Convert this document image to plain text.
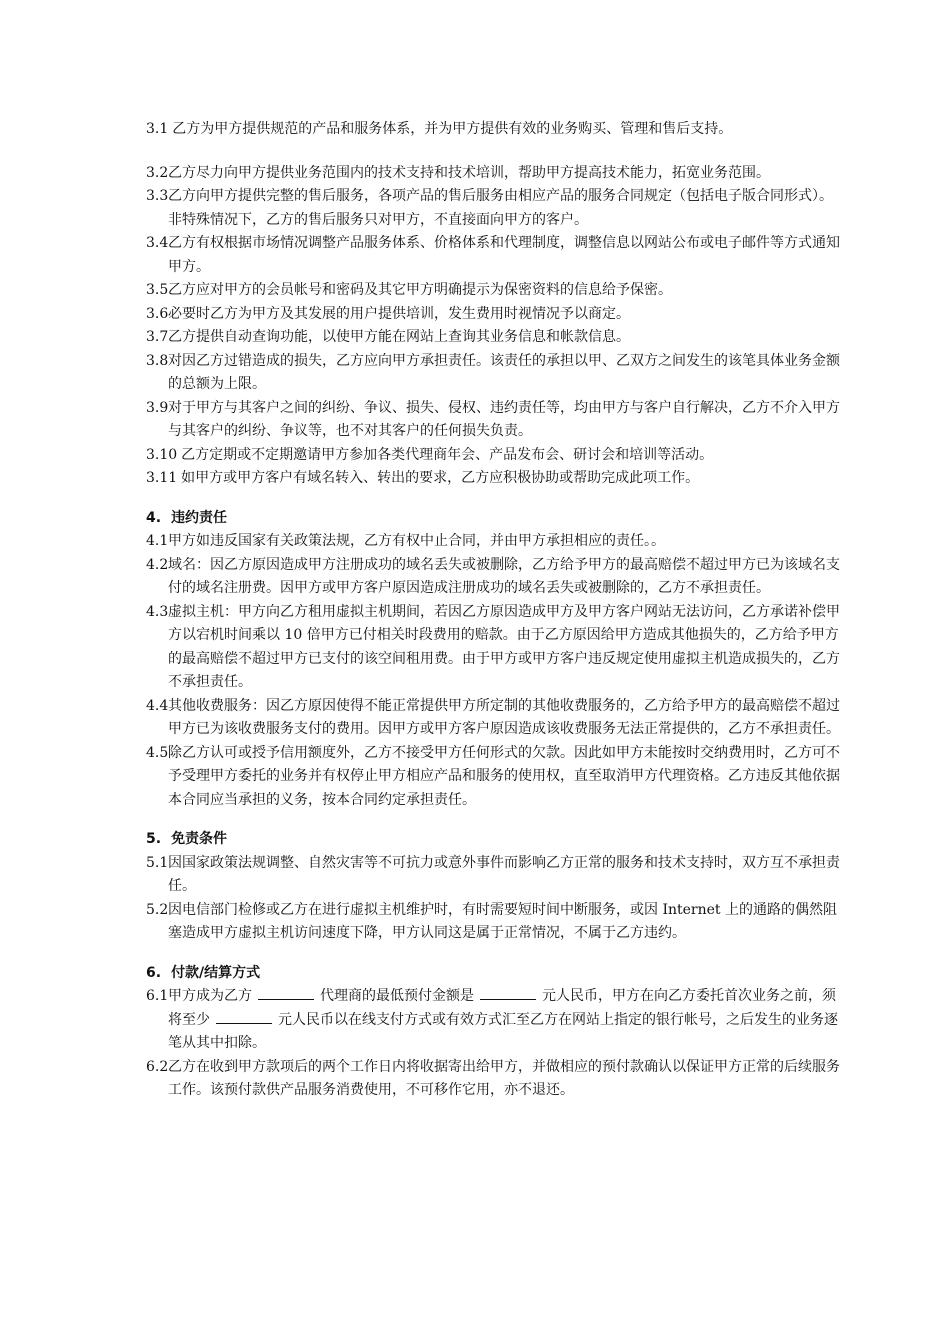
3.1 乙方为甲方提供规范的产品和服务体系，并为甲方提供有效的业务购买、管理和售后支持。
3.2 乙方尽力向甲方提供业务范围内的技术支持和技术培训，帮助甲方提高技术能力，拓宽业务范围。
3.3 乙方向甲方提供完整的售后服务，各项产品的售后服务由相应产品的服务合同规定（包括电子版合同形式）。非特殊情况下，乙方的售后服务只对甲方，不直接面向甲方的客户。
3.4 乙方有权根据市场情况调整产品服务体系、价格体系和代理制度，调整信息以网站公布或电子邮件等方式通知甲方。
3.5 乙方应对甲方的会员帐号和密码及其它甲方明确提示为保密资料的信息给予保密。
3.6 必要时乙方为甲方及其发展的用户提供培训，发生费用时视情况予以商定。
3.7 乙方提供自动查询功能，以使甲方能在网站上查询其业务信息和帐款信息。
3.8 对因乙方过错造成的损失，乙方应向甲方承担责任。该责任的承担以甲、乙双方之间发生的该笔具体业务金额的总额为上限。
3.9 对于甲方与其客户之间的纠纷、争议、损失、侵权、违约责任等，均由甲方与客户自行解决，乙方不介入甲方与其客户的纠纷、争议等，也不对其客户的任何损失负责。
3.10 乙方定期或不定期邀请甲方参加各类代理商年会、产品发布会、研讨会和培训等活动。
3.11 如甲方或甲方客户有域名转入、转出的要求，乙方应积极协助或帮助完成此项工作。
4. 违约责任
4.1 甲方如违反国家有关政策法规，乙方有权中止合同，并由甲方承担相应的责任。。
4.2 域名：因乙方原因造成甲方注册成功的域名丢失或被删除，乙方给予甲方的最高赔偿不超过甲方已为该域名支付的域名注册费。因甲方或甲方客户原因造成注册成功的域名丢失或被删除的，乙方不承担责任。
4.3 虚拟主机：甲方向乙方租用虚拟主机期间，若因乙方原因造成甲方及甲方客户网站无法访问，乙方承诺补偿甲方以宕机时间乘以 10 倍甲方已付相关时段费用的赔款。由于乙方原因给甲方造成其他损失的，乙方给予甲方的最高赔偿不超过甲方已支付的该空间租用费。由于甲方或甲方客户违反规定使用虚拟主机造成损失的，乙方不承担责任。
4.4 其他收费服务：因乙方原因使得不能正常提供甲方所定制的其他收费服务的，乙方给予甲方的最高赔偿不超过甲方已为该收费服务支付的费用。因甲方或甲方客户原因造成该收费服务无法正常提供的，乙方不承担责任。
4.5 除乙方认可或授予信用额度外，乙方不接受甲方任何形式的欠款。因此如甲方未能按时交纳费用时，乙方可不予受理甲方委托的业务并有权停止甲方相应产品和服务的使用权，直至取消甲方代理资格。乙方违反其他依据本合同应当承担的义务，按本合同约定承担责任。
5. 免责条件
5.1 因国家政策法规调整、自然灾害等不可抗力或意外事件而影响乙方正常的服务和技术支持时，双方互不承担责任。
5.2 因电信部门检修或乙方在进行虚拟主机维护时，有时需要短时间中断服务，或因 Internet 上的通路的偶然阻塞造成甲方虚拟主机访问速度下降，甲方认同这是属于正常情况，不属于乙方违约。
6. 付款/结算方式
6.1 甲方成为乙方	代理商的最低预付金额是	元人民币，甲方在向乙方委托首次业务之前，须将至少	元人民币以在线支付方式或有效方式汇至乙方在网站上指定的银行帐号，之后发生的业务逐笔从其中扣除。
6.2 乙方在收到甲方款项后的两个工作日内将收据寄出给甲方，并做相应的预付款确认以保证甲方正常的后续服务工作。该预付款供产品服务消费使用，不可移作它用，亦不退还。
